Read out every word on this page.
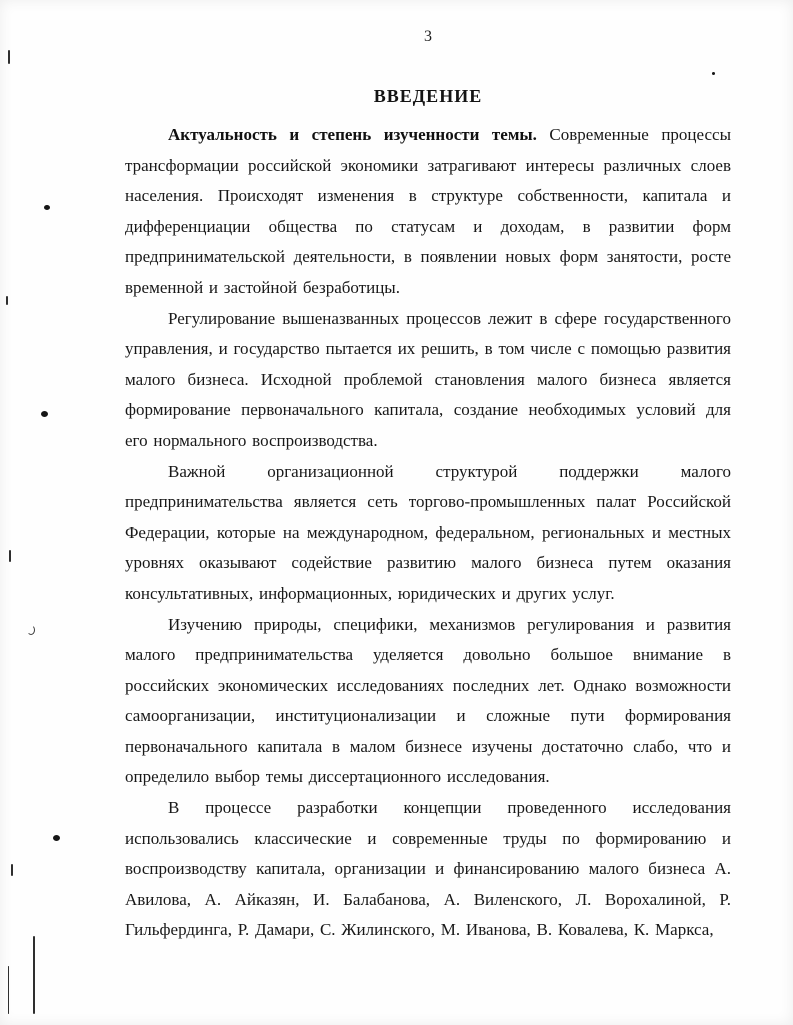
3
ВВЕДЕНИЕ

Актуальность и степень изученности темы. Современные процессы трансформации российской экономики затрагивают интересы различных слоев населения. Происходят изменения в структуре собственности, капитала и дифференциации общества по статусам и доходам, в развитии форм предпринимательской деятельности, в появлении новых форм занятости, росте временной и застойной безработицы.

Регулирование вышеназванных процессов лежит в сфере государственного управления, и государство пытается их решить, в том числе с помощью развития малого бизнеса. Исходной проблемой становления малого бизнеса является формирование первоначального капитала, создание необходимых условий для его нормального воспроизводства.

Важной организационной структурой поддержки малого предпринимательства является сеть торгово-промышленных палат Российской Федерации, которые на международном, федеральном, региональных и местных уровнях оказывают содействие развитию малого бизнеса путем оказания консультативных, информационных, юридических и других услуг.

Изучению природы, специфики, механизмов регулирования и развития малого предпринимательства уделяется довольно большое внимание в российских экономических исследованиях последних лет. Однако возможности самоорганизации, институционализации и сложные пути формирования первоначального капитала в малом бизнесе изучены достаточно слабо, что и определило выбор темы диссертационного исследования.

В процессе разработки концепции проведенного исследования использовались классические и современные труды по формированию и воспроизводству капитала, организации и финансированию малого бизнеса А. Авилова, А. Айказян, И. Балабанова, А. Виленского, Л. Ворохалиной, Р. Гильфердинга, Р. Дамари, С. Жилинского, М. Иванова, В. Ковалева, К. Маркса,
